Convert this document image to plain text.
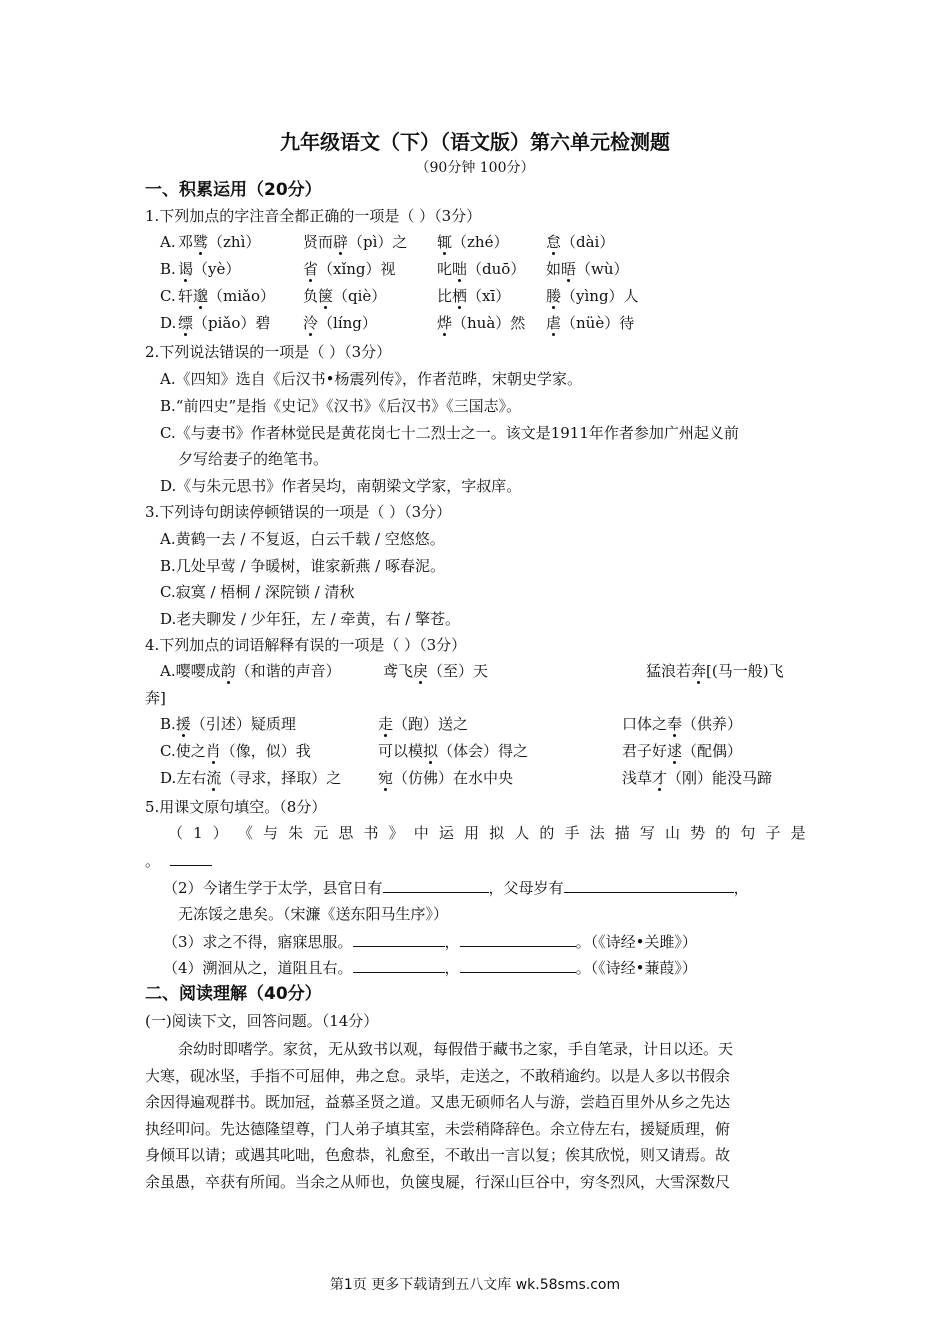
九年级语文（下）（语文版）第六单元检测题
（90分钟 100分）
一、积累运用（20分）
1.下列加点的字注音全都正确的一项是（ ）（3分）
A. 邓骘（zhì）	贤而辟（pì）之 辄（zhé）	怠（dài）
B. 谒（yè）	省（xǐng）视	叱咄（duō） 如晤（wù）
C. 轩邈（miǎo） 负箧（qiè）	比栖（xī） 媵（yìng）人
D. 缥（piǎo）碧 泠（líng）	烨（huà）然 虐（nüè）待
2.下列说法错误的一项是（ ）（3分）
A.《四知》选自《后汉书•杨震列传》，作者范晔，宋朝史学家。
B.“前四史”是指《史记》《汉书》《后汉书》《三国志》。
C.《与妻书》作者林觉民是黄花岗七十二烈士之一。该文是1911年作者参加广州起义前
夕写给妻子的绝笔书。
D.《与朱元思书》作者吴均，南朝梁文学家，字叔庠。
3.下列诗句朗读停顿错误的一项是（ ）（3分）
A.黄鹤一去 / 不复返，白云千载 / 空悠悠。
B.几处早莺 / 争暖树，谁家新燕 / 啄春泥。
C.寂寞 / 梧桐 / 深院锁 / 清秋
D.老夫聊发 / 少年狂，左 / 牵黄，右 / 擎苍。
4.下列加点的词语解释有误的一项是（ ）（3分）
A.嘤嘤成韵（和谐的声音）	鸢飞戾（至）天	猛浪若奔[(马一般)飞
奔]
B.援（引述）疑质理	走（跑）送之	口体之奉（供养）
C.使之肖（像，似）我	可以模拟（体会）得之	君子好逑（配偶）
D.左右流（寻求，择取）之 宛（仿佛）在水中央	浅草才（刚）能没马蹄
5.用课文原句填空。（8分）
（ 1 ） 《 与 朱 元 思 书 》 中 运 用 拟 人 的 手 法 描 写 山 势 的 句 子 是
。
（2）今诸生学于太学，县官日有	，父母岁有	，
无冻馁之患矣。（宋濂《送东阳马生序》）
（3）求之不得，寤寐思服。	，	。（《诗经•关雎》）
（4）溯洄从之，道阻且右。	，	。（《诗经•蒹葭》）
二、阅读理解（40分）
(一)阅读下文，回答问题。（14分）
余幼时即嗜学。家贫，无从致书以观，每假借于藏书之家，手自笔录，计日以还。天
大寒，砚冰坚，手指不可屈伸，弗之怠。录毕，走送之，不敢稍逾约。以是人多以书假余
余因得遍观群书。既加冠，益慕圣贤之道。又患无硕师名人与游，尝趋百里外从乡之先达
执经叩问。先达德隆望尊，门人弟子填其室，未尝稍降辞色。余立侍左右，援疑质理，俯
身倾耳以请；或遇其叱咄，色愈恭，礼愈至，不敢出一言以复；俟其欣悦，则又请焉。故
余虽愚，卒获有所闻。当余之从师也，负箧曳屣，行深山巨谷中，穷冬烈风，大雪深数尺
第1页 更多下载请到五八文库 wk.58sms.com
